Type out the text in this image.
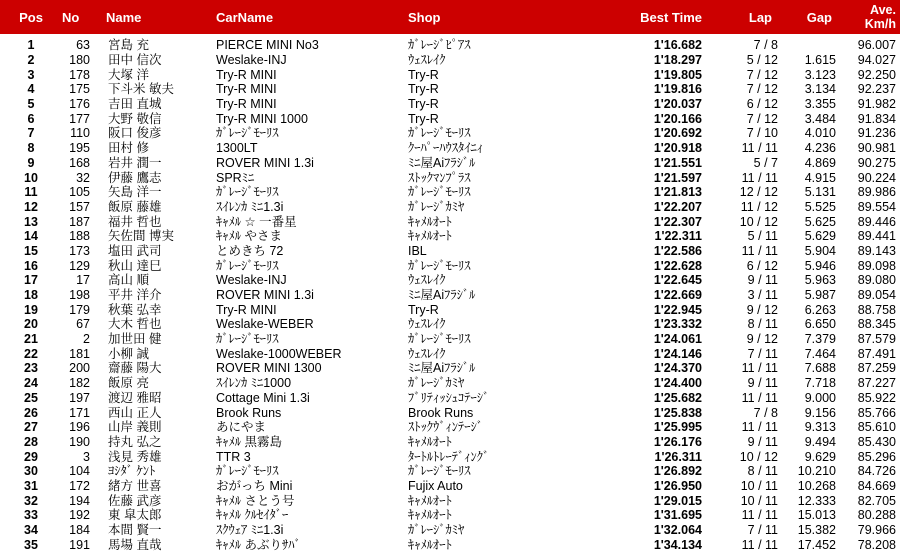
Pos	No	Name	CarName	Shop	Best Time	Lap	Gap	Ave.
Km/h

1	63	宮島 充	PIERCE MINI No3	ｶﾞﾚｰｼﾞﾋﾟｱｽ	1'16.682	7 / 8		96.007
2	180	田中 信次	Weslake-INJ	ｳｪｽﾚｲｸ	1'18.297	5 / 12	1.615	94.027
3	178	大塚 洋	Try-R MINI	Try-R	1'19.805	7 / 12	3.123	92.250
4	175	下斗米 敏夫	Try-R MINI	Try-R	1'19.816	7 / 12	3.134	92.237
5	176	吉田 直城	Try-R MINI	Try-R	1'20.037	6 / 12	3.355	91.982
6	177	大野 敬信	Try-R MINI 1000	Try-R	1'20.166	7 / 12	3.484	91.834
7	110	阪口 俊彦	ｶﾞﾚｰｼﾞﾓｰﾘｽ	ｶﾞﾚｰｼﾞﾓｰﾘｽ	1'20.692	7 / 10	4.010	91.236
8	195	田村 修	1300LT	ｸｰﾊﾟｰﾊｳｽﾀｲﾆｨ	1'20.918	11 / 11	4.236	90.981
9	168	岩井 潤一	ROVER MINI 1.3i	ﾐﾆ屋Aiﾌﾗｼﾞﾙ	1'21.551	5 / 7	4.869	90.275
10	32	伊藤 鷹志	SPRﾐﾆ	ｽﾄｯｸﾏﾝﾌﾟﾗｽ	1'21.597	11 / 11	4.915	90.224
11	105	矢島 洋一	ｶﾞﾚｰｼﾞﾓｰﾘｽ	ｶﾞﾚｰｼﾞﾓｰﾘｽ	1'21.813	12 / 12	5.131	89.986
12	157	飯原 藤雄	ｽｲﾚﾝｶ ﾐﾆ1.3i	ｶﾞﾚｰｼﾞｶﾐﾔ	1'22.207	11 / 12	5.525	89.554
13	187	福井 哲也	ｷｬﾒﾙ ☆ 一番星	ｷｬﾒﾙｵｰﾄ	1'22.307	10 / 12	5.625	89.446
14	188	矢佐間 博実	ｷｬﾒﾙ やさま	ｷｬﾒﾙｵｰﾄ	1'22.311	5 / 11	5.629	89.441
15	173	塩田 武司	とめきち 72	IBL	1'22.586	11 / 11	5.904	89.143
16	129	秋山 達巳	ｶﾞﾚｰｼﾞﾓｰﾘｽ	ｶﾞﾚｰｼﾞﾓｰﾘｽ	1'22.628	6 / 12	5.946	89.098
17	17	高山 順	Weslake-INJ	ｳｪｽﾚｲｸ	1'22.645	9 / 11	5.963	89.080
18	198	平井 洋介	ROVER MINI 1.3i	ﾐﾆ屋Aiﾌﾗｼﾞﾙ	1'22.669	3 / 11	5.987	89.054
19	179	秋葉 弘幸	Try-R MINI	Try-R	1'22.945	9 / 12	6.263	88.758
20	67	大木 哲也	Weslake-WEBER	ｳｪｽﾚｲｸ	1'23.332	8 / 11	6.650	88.345
21	2	加世田 健	ｶﾞﾚｰｼﾞﾓｰﾘｽ	ｶﾞﾚｰｼﾞﾓｰﾘｽ	1'24.061	9 / 12	7.379	87.579
22	181	小柳 誠	Weslake-1000WEBER	ｳｪｽﾚｲｸ	1'24.146	7 / 11	7.464	87.491
23	200	齋藤 陽大	ROVER MINI 1300	ﾐﾆ屋Aiﾌﾗｼﾞﾙ	1'24.370	11 / 11	7.688	87.259
24	182	飯原 亮	ｽｲﾚﾝｶ ﾐﾆ1000	ｶﾞﾚｰｼﾞｶﾐﾔ	1'24.400	9 / 11	7.718	87.227
25	197	渡辺 雅昭	Cottage Mini 1.3i	ﾌﾞﾘﾃｨｯｼｭｺﾃｰｼﾞ	1'25.682	11 / 11	9.000	85.922
26	171	西山 正人	Brook Runs	Brook Runs	1'25.838	7 / 8	9.156	85.766
27	196	山岸 義則	あにやま	ｽﾄｯｸｳﾞｨﾝﾃｰｼﾞ	1'25.995	11 / 11	9.313	85.610
28	190	持丸 弘之	ｷｬﾒﾙ 黒霧島	ｷｬﾒﾙｵｰﾄ	1'26.176	9 / 11	9.494	85.430
29	3	浅見 秀雄	TTR 3	ﾀｰﾄﾙﾄﾚｰﾃﾞｨﾝｸﾞ	1'26.311	10 / 12	9.629	85.296
30	104	ﾖｼﾀﾞ ｹﾝﾄ	ｶﾞﾚｰｼﾞﾓｰﾘｽ	ｶﾞﾚｰｼﾞﾓｰﾘｽ	1'26.892	8 / 11	10.210	84.726
31	172	緒方 世喜	おがっち Mini	Fujix Auto	1'26.950	10 / 11	10.268	84.669
32	194	佐藤 武彦	ｷｬﾒﾙ さとう号	ｷｬﾒﾙｵｰﾄ	1'29.015	10 / 11	12.333	82.705
33	192	東 皐太郎	ｷｬﾒﾙ ｸﾙｾｲﾀﾞｰ	ｷｬﾒﾙｵｰﾄ	1'31.695	11 / 11	15.013	80.288
34	184	本間 賢一	ｽｸｳｪｱ ﾐﾆ1.3i	ｶﾞﾚｰｼﾞｶﾐﾔ	1'32.064	7 / 11	15.382	79.966
35	191	馬場 直哉	ｷｬﾒﾙ あぶりｻﾊﾞ	ｷｬﾒﾙｵｰﾄ	1'34.134	11 / 11	17.452	78.208
